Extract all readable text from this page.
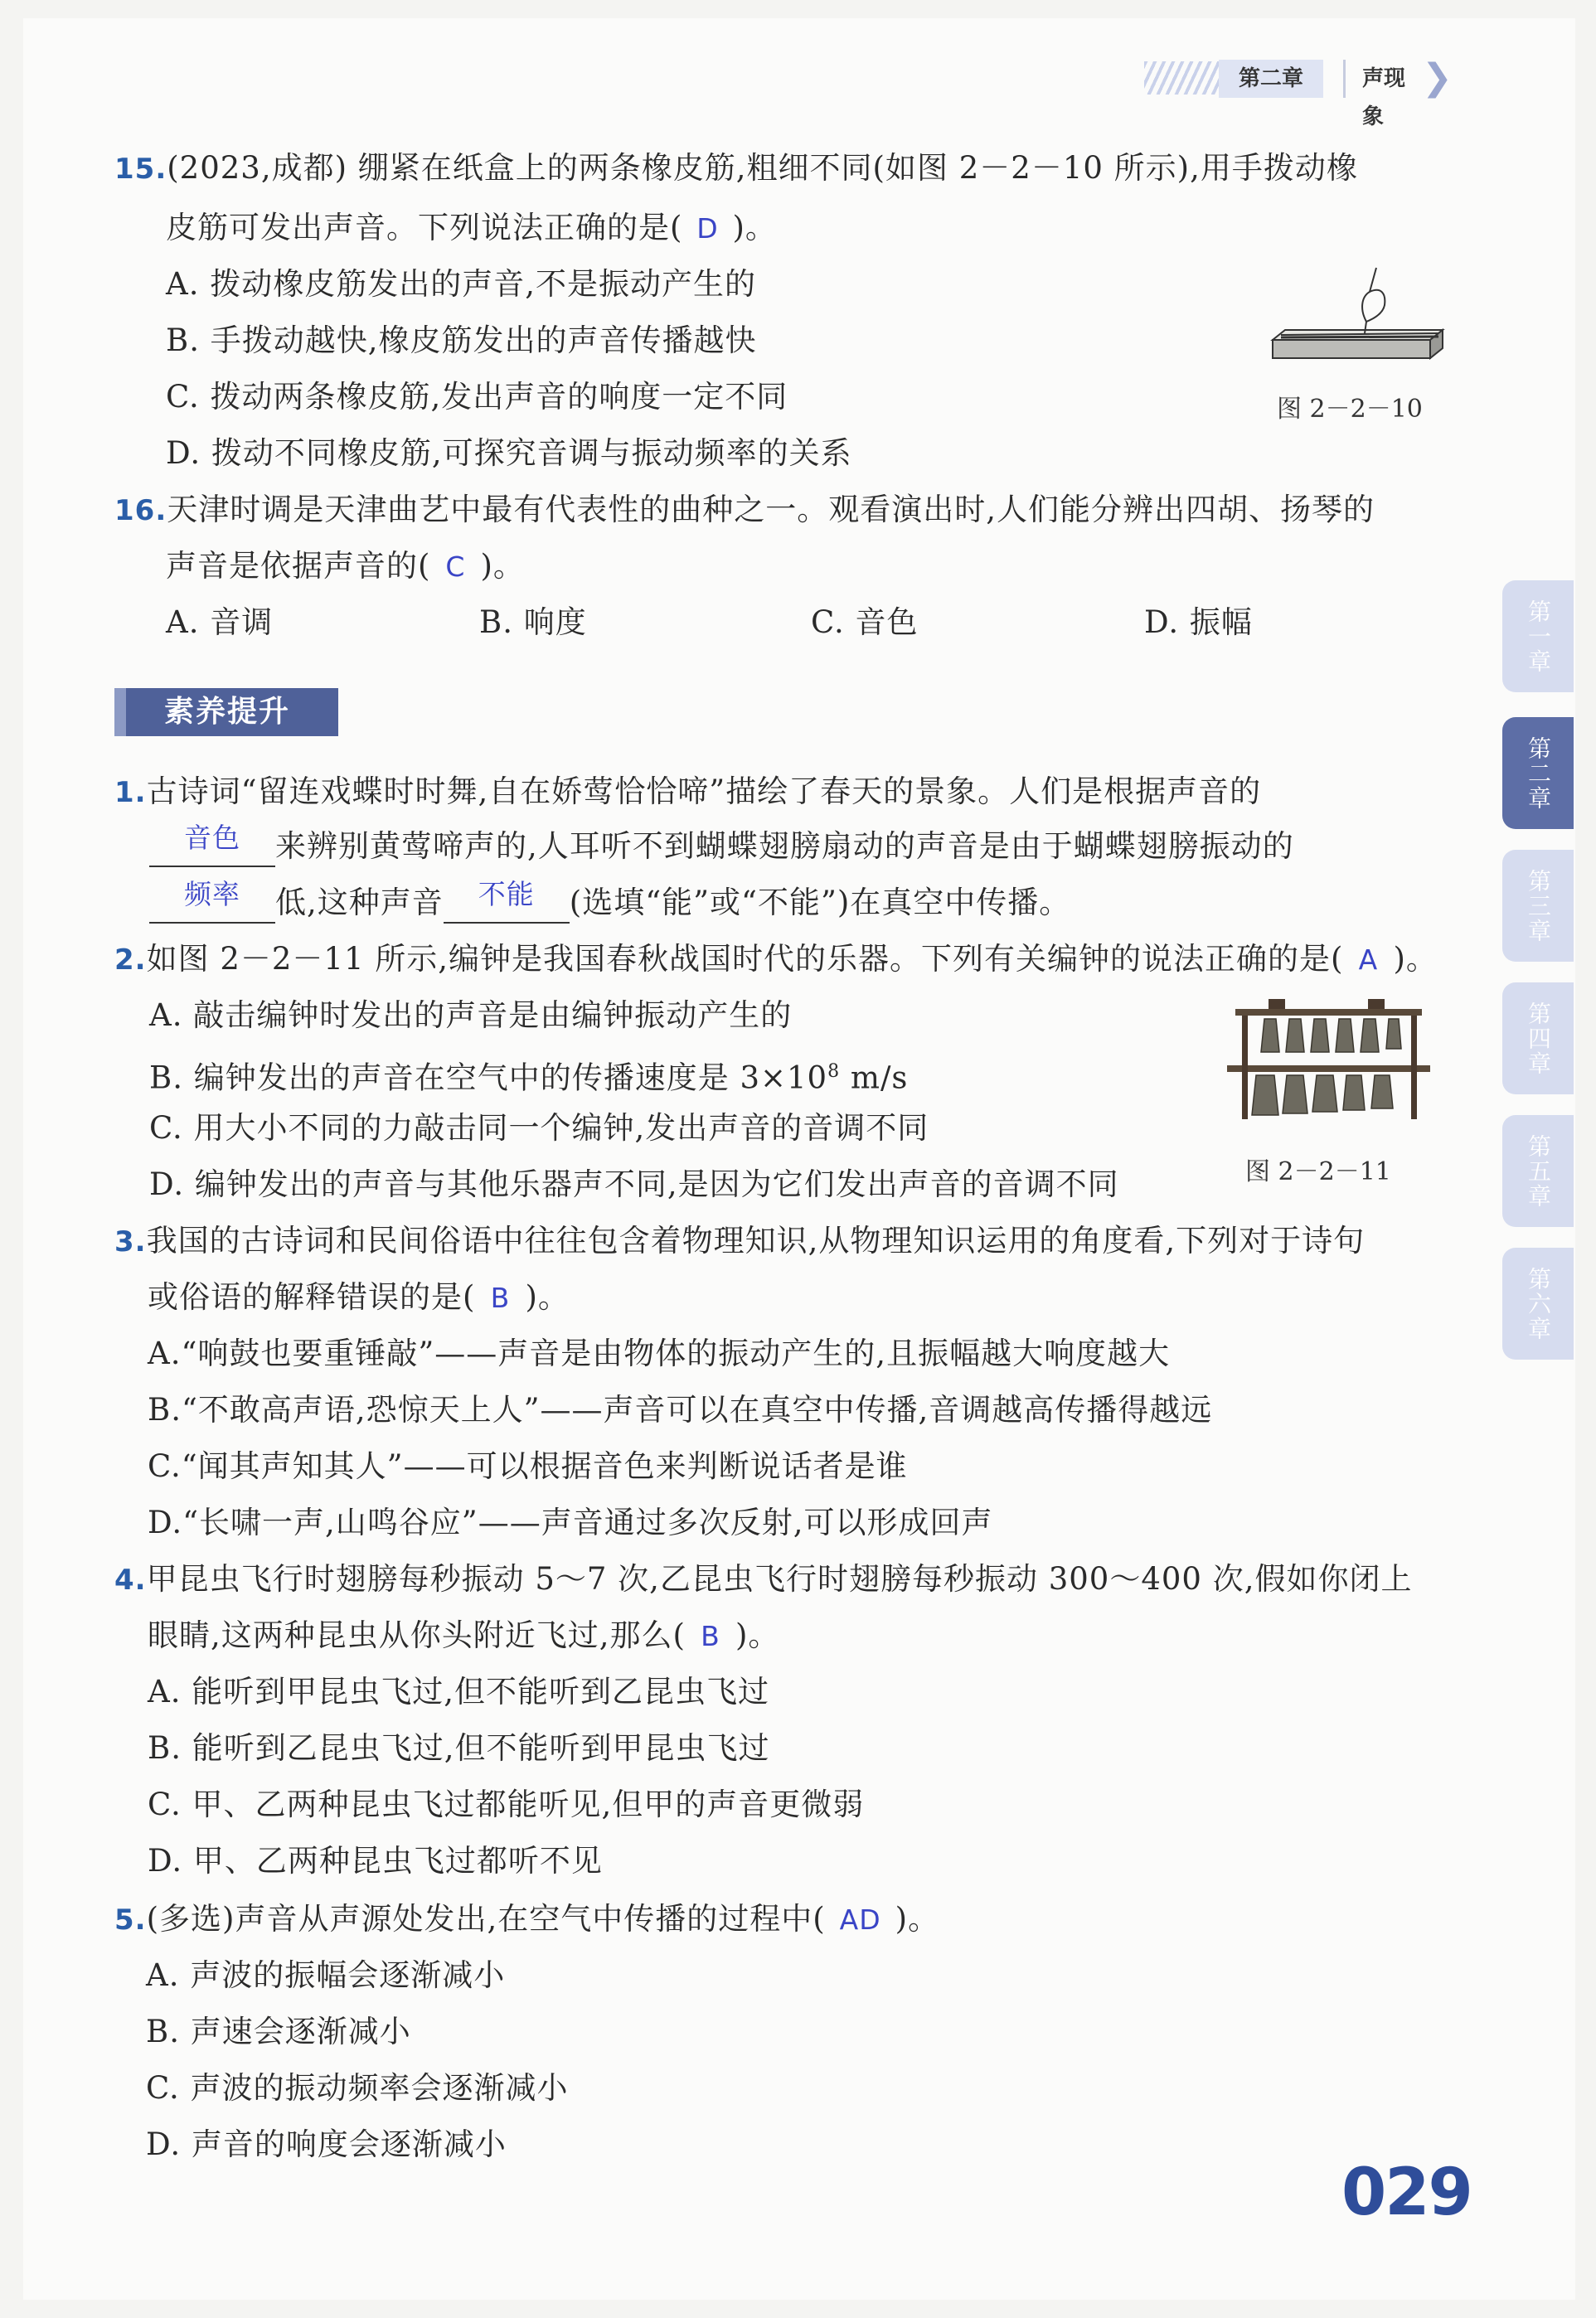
第二章	声现象
❯
第一章
第二章
第三章
第四章
第五章
第六章
15.(2023,成都) 绷紧在纸盒上的两条橡皮筋,粗细不同(如图 2－2－10 所示),用手拨动橡
皮筋可发出声音。下列说法正确的是( D )。
A. 拨动橡皮筋发出的声音,不是振动产生的
B. 手拨动越快,橡皮筋发出的声音传播越快
C. 拨动两条橡皮筋,发出声音的响度一定不同
D. 拨动不同橡皮筋,可探究音调与振动频率的关系
图 2－2－10
16.天津时调是天津曲艺中最有代表性的曲种之一。观看演出时,人们能分辨出四胡、扬琴的
声音是依据声音的( C )。
A. 音调	B. 响度	C. 音色	D. 振幅
素养提升
1.古诗词“留连戏蝶时时舞,自在娇莺恰恰啼”描绘了春天的景象。人们是根据声音的
音色	来辨别黄莺啼声的,人耳听不到蝴蝶翅膀扇动的声音是由于蝴蝶翅膀振动的
频率	低,这种声音	不能	(选填“能”或“不能”)在真空中传播。
2.如图 2－2－11 所示,编钟是我国春秋战国时代的乐器。下列有关编钟的说法正确的是( A )。
A. 敲击编钟时发出的声音是由编钟振动产生的
B. 编钟发出的声音在空气中的传播速度是 $3\times 10^8$ m/s
C. 用大小不同的力敲击同一个编钟,发出声音的音调不同
D. 编钟发出的声音与其他乐器声不同,是因为它们发出声音的音调不同	图 2－2－11
3.我国的古诗词和民间俗语中往往包含着物理知识,从物理知识运用的角度看,下列对于诗句
或俗语的解释错误的是( B )。
A.“响鼓也要重锤敲”——声音是由物体的振动产生的,且振幅越大响度越大
B.“不敢高声语,恐惊天上人”——声音可以在真空中传播,音调越高传播得越远
C.“闻其声知其人”——可以根据音色来判断说话者是谁
D.“长啸一声,山鸣谷应”——声音通过多次反射,可以形成回声
4.甲昆虫飞行时翅膀每秒振动 5～7 次,乙昆虫飞行时翅膀每秒振动 300～400 次,假如你闭上
眼睛,这两种昆虫从你头附近飞过,那么( B )。
A. 能听到甲昆虫飞过,但不能听到乙昆虫飞过
B. 能听到乙昆虫飞过,但不能听到甲昆虫飞过
C. 甲、乙两种昆虫飞过都能听见,但甲的声音更微弱
D. 甲、乙两种昆虫飞过都听不见
5.(多选)声音从声源处发出,在空气中传播的过程中( AD )。
A. 声波的振幅会逐渐减小
B. 声速会逐渐减小
C. 声波的振动频率会逐渐减小
D. 声音的响度会逐渐减小
029
